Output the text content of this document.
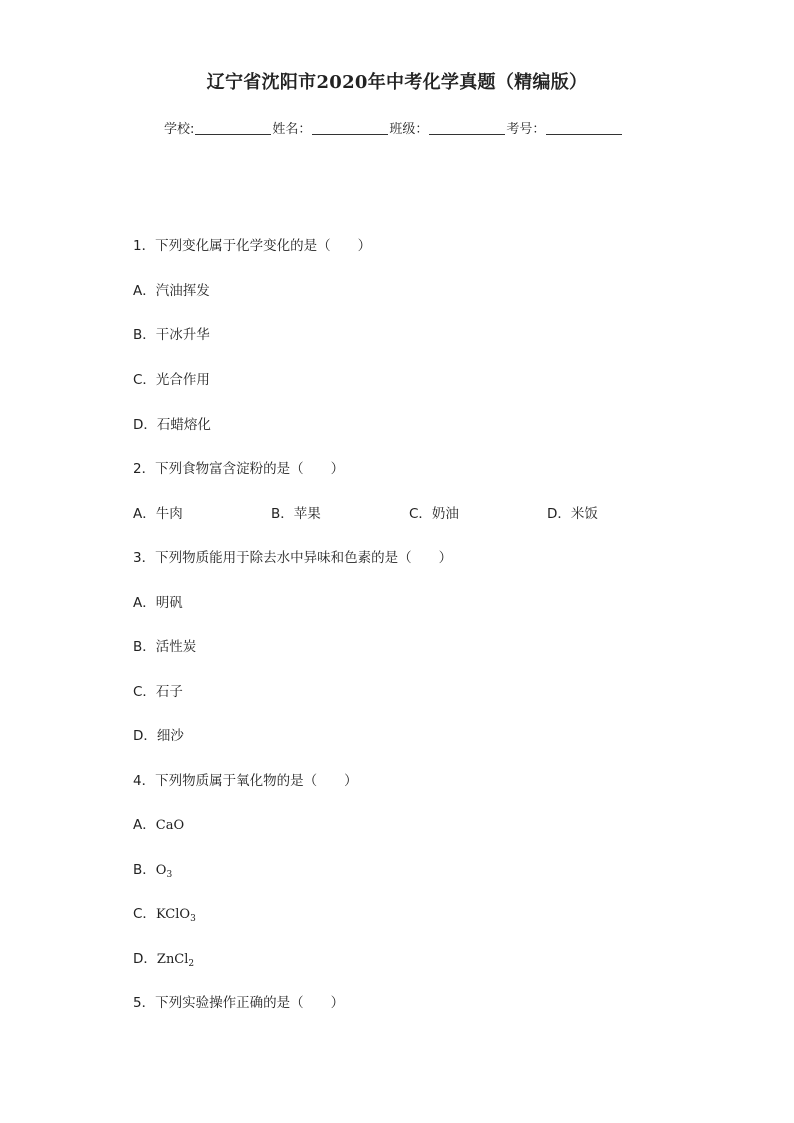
辽宁省沈阳市2020年中考化学真题（精编版）
学校:	姓名：	班级：	考号：
1．下列变化属于化学变化的是（　　）
A．汽油挥发
B．干冰升华
C．光合作用
D．石蜡熔化
2．下列食物富含淀粉的是（　　）
A．牛肉	B．苹果	C．奶油	D．米饭
3．下列物质能用于除去水中异味和色素的是（　　）
A．明矾
B．活性炭
C．石子
D．细沙
4．下列物质属于氧化物的是（　　）
A．CaO
B．$O_3$
C．KClO$_3$
D．ZnCl$_2$
5．下列实验操作正确的是（　　）
